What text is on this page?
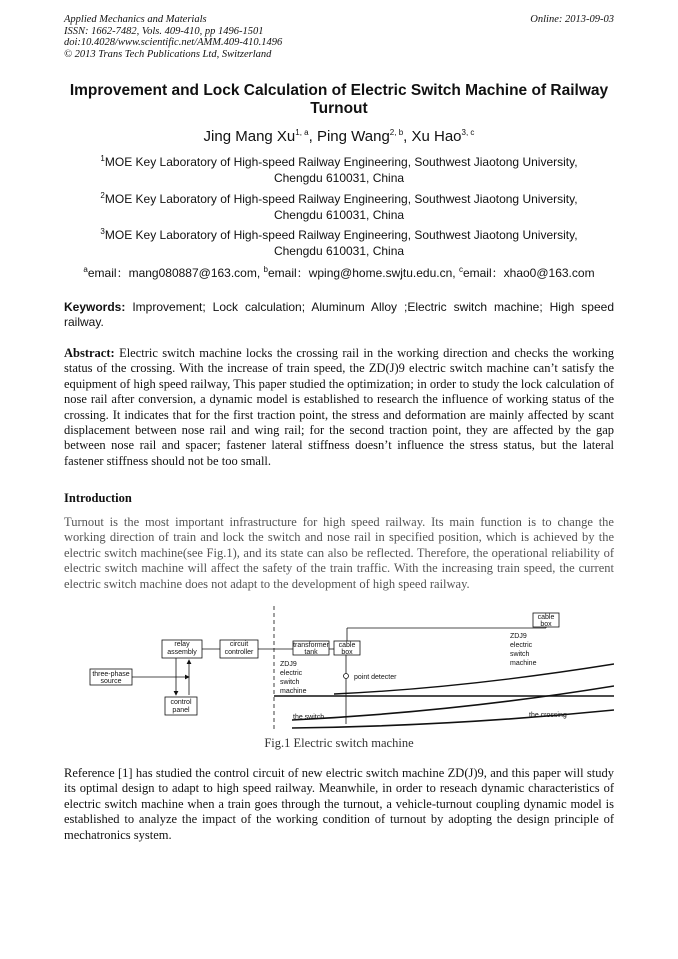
Applied Mechanics and Materials
ISSN: 1662-7482, Vols. 409-410, pp 1496-1501
doi:10.4028/www.scientific.net/AMM.409-410.1496
© 2013 Trans Tech Publications Ltd, Switzerland
Online: 2013-09-03
Improvement and Lock Calculation of Electric Switch Machine of Railway Turnout
Jing Mang Xu$^{1, a}$, Ping Wang$^{2, b}$, Xu Hao$^{3, c}$
$^1$MOE Key Laboratory of High-speed Railway Engineering, Southwest Jiaotong University,
Chengdu 610031, China
$^2$MOE Key Laboratory of High-speed Railway Engineering, Southwest Jiaotong University,
Chengdu 610031, China
$^3$MOE Key Laboratory of High-speed Railway Engineering, Southwest Jiaotong University,
Chengdu 610031, China
$^a$email：mang080887@163.com, $^b$email：wping@home.swjtu.edu.cn, $^c$email：xhao0@163.com
Keywords: Improvement; Lock calculation; Aluminum Alloy ;Electric switch machine; High speed railway.
Abstract: Electric switch machine locks the crossing rail in the working direction and checks the working status of the crossing. With the increase of train speed, the ZD(J)9 electric switch machine can’t satisfy the equipment of high speed railway, This paper studied the optimization; in order to study the lock calculation of nose rail after conversion, a dynamic model is established to research the influence of working status of the crossing. It indicates that for the first traction point, the stress and deformation are mainly affected by scant displacement between nose rail and wing rail; for the second traction point, they are affected by the gap between nose rail and spacer; fastener lateral stiffness doesn’t influence the stress status, but the lateral fastener stiffness should not be too small.
Introduction
Turnout is the most important infrastructure for high speed railway. Its main function is to change the working direction of train and lock the switch and nose rail in specified position, which is achieved by the electric switch machine(see Fig.1), and its state can also be reflected. Therefore, the operational reliability of electric switch machine will affect the safety of the train traffic. With the increasing train speed, the current electric switch machine does not adapt to the development of high speed railway.
relay
assembly
circuit
controller
three-phase
source
control
panel
transformer
tank
cable
box
cable
box
ZDJ9
electric
switch
machine
ZDJ9
electric
switch
machine
point detecter
the switch	the crossing
Fig.1 Electric switch machine
Reference [1] has studied the control circuit of new electric switch machine ZD(J)9, and this paper will study its optimal design to adapt to high speed railway. Meanwhile, in order to reseach dynamic characteristics of electric switch machine when a train goes through the turnout, a vehicle-turnout coupling dynamic model is established to analyze the impact of the working condition of turnout by adopting the design principle of mechatronics system.
